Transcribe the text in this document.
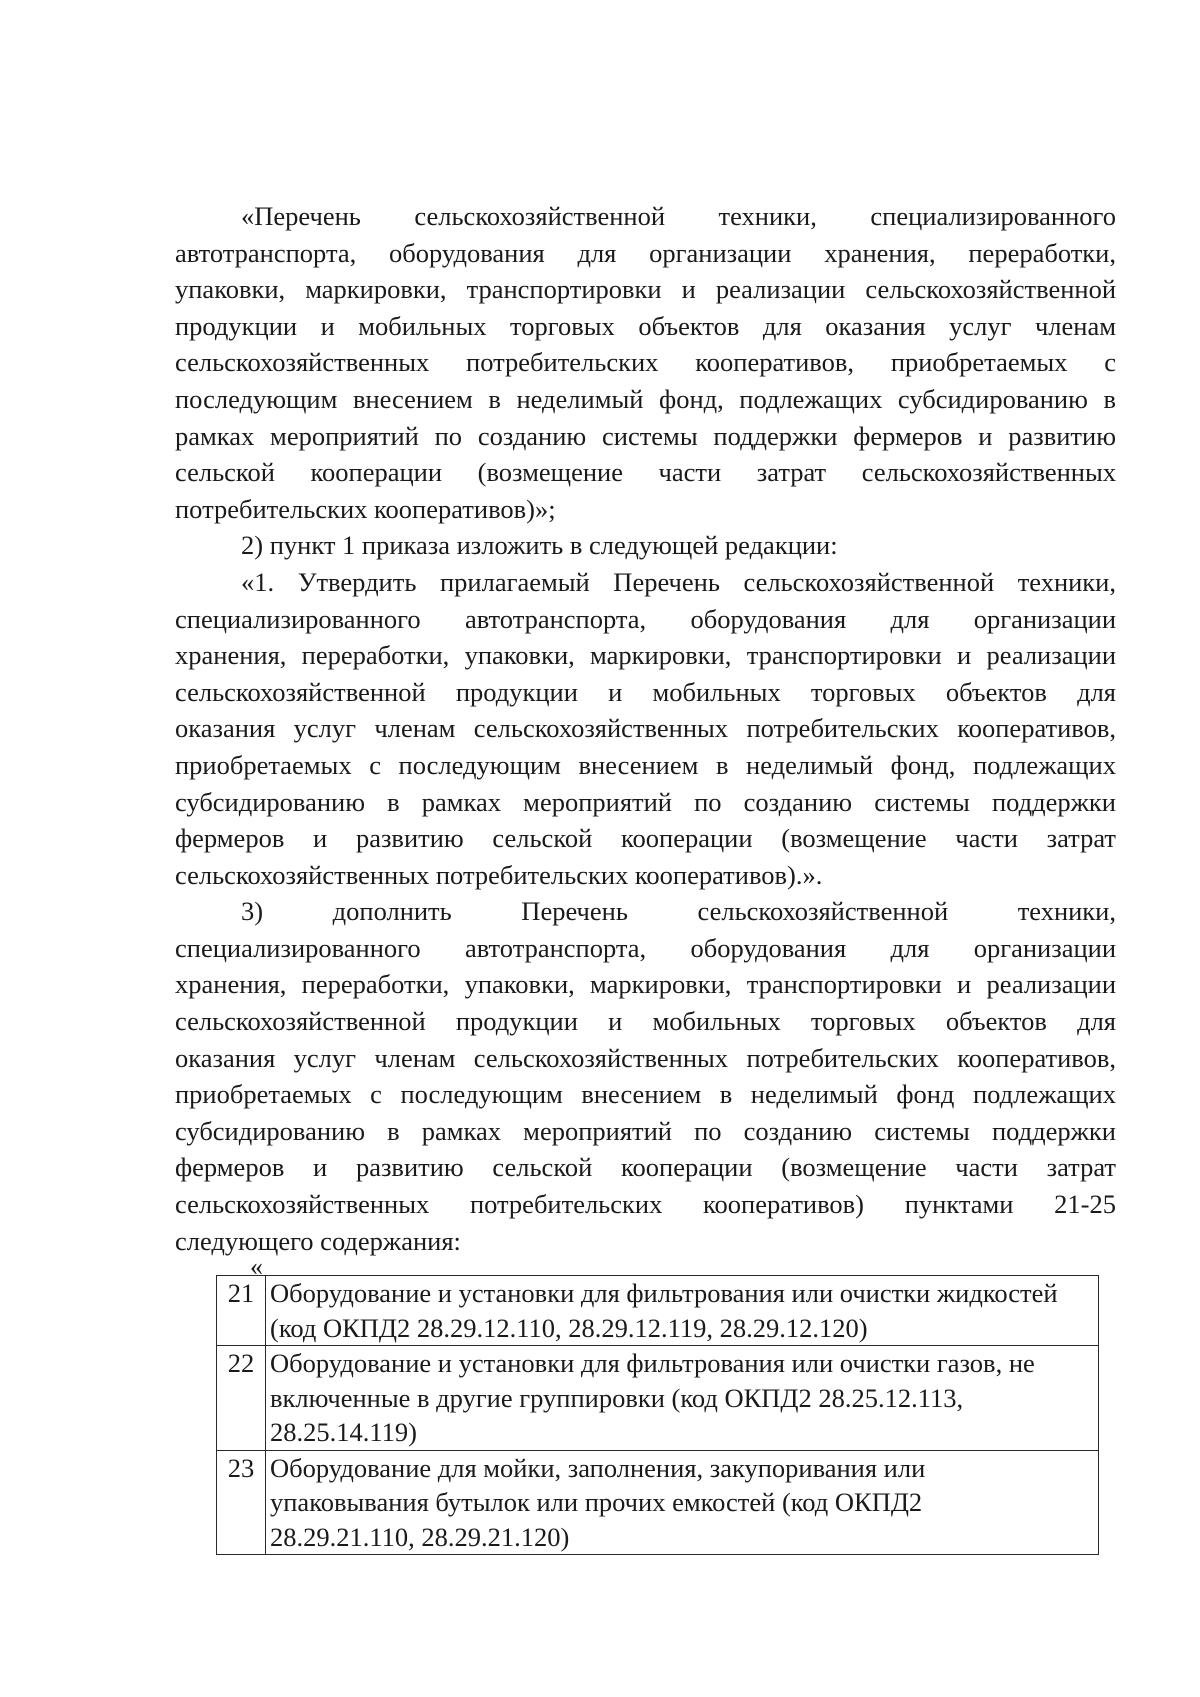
«Перечень сельскохозяйственной техники, специализированного
автотранспорта, оборудования для организации хранения, переработки,
упаковки, маркировки, транспортировки и реализации сельскохозяйственной
продукции и мобильных торговых объектов для оказания услуг членам
сельскохозяйственных потребительских кооперативов, приобретаемых с
последующим внесением в неделимый фонд, подлежащих субсидированию в
рамках мероприятий по созданию системы поддержки фермеров и развитию
сельской кооперации (возмещение части затрат сельскохозяйственных
потребительских кооперативов)»;
2) пункт 1 приказа изложить в следующей редакции:
«1. Утвердить прилагаемый Перечень сельскохозяйственной техники,
специализированного автотранспорта, оборудования для организации
хранения, переработки, упаковки, маркировки, транспортировки и реализации
сельскохозяйственной продукции и мобильных торговых объектов для
оказания услуг членам сельскохозяйственных потребительских кооперативов,
приобретаемых с последующим внесением в неделимый фонд, подлежащих
субсидированию в рамках мероприятий по созданию системы поддержки
фермеров и развитию сельской кооперации (возмещение части затрат
сельскохозяйственных потребительских кооперативов).».
3) дополнить Перечень сельскохозяйственной техники,
специализированного автотранспорта, оборудования для организации
хранения, переработки, упаковки, маркировки, транспортировки и реализации
сельскохозяйственной продукции и мобильных торговых объектов для
оказания услуг членам сельскохозяйственных потребительских кооперативов,
приобретаемых с последующим внесением в неделимый фонд подлежащих
субсидированию в рамках мероприятий по созданию системы поддержки
фермеров и развитию сельской кооперации (возмещение части затрат
сельскохозяйственных потребительских кооперативов) пунктами 21-25
следующего содержания:
«
21	Оборудование и установки для фильтрования или очистки жидкостей
(код ОКПД2 28.29.12.110, 28.29.12.119, 28.29.12.120)

22	Оборудование и установки для фильтрования или очистки газов, не
включенные в другие группировки (код ОКПД2 28.25.12.113,
28.25.14.119)

23	Оборудование для мойки, заполнения, закупоривания или
упаковывания бутылок или прочих емкостей (код ОКПД2
28.29.21.110, 28.29.21.120)
